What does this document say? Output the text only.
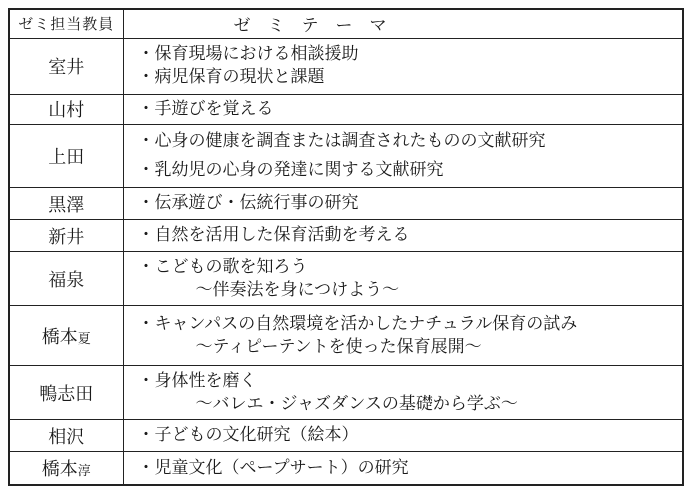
ゼミ担当教員	ゼ　ミ　テ　ー　マ
室井	・保育現場における相談援助
・病児保育の現状と課題

山村	・手遊びを覚える

上田	・心身の健康を調査または調査されたものの文献研究
・乳幼児の心身の発達に関する文献研究

黒澤	・伝承遊び・伝統行事の研究

新井	・自然を活用した保育活動を考える

福泉	・こどもの歌を知ろう
～伴奏法を身につけよう～

橋本夏	・キャンパスの自然環境を活かしたナチュラル保育の試み
～ティピーテントを使った保育展開～

鴨志田	・身体性を磨く
～バレエ・ジャズダンスの基礎から学ぶ～

相沢	・子どもの文化研究（絵本）

橋本淳	・児童文化（ペープサート）の研究
